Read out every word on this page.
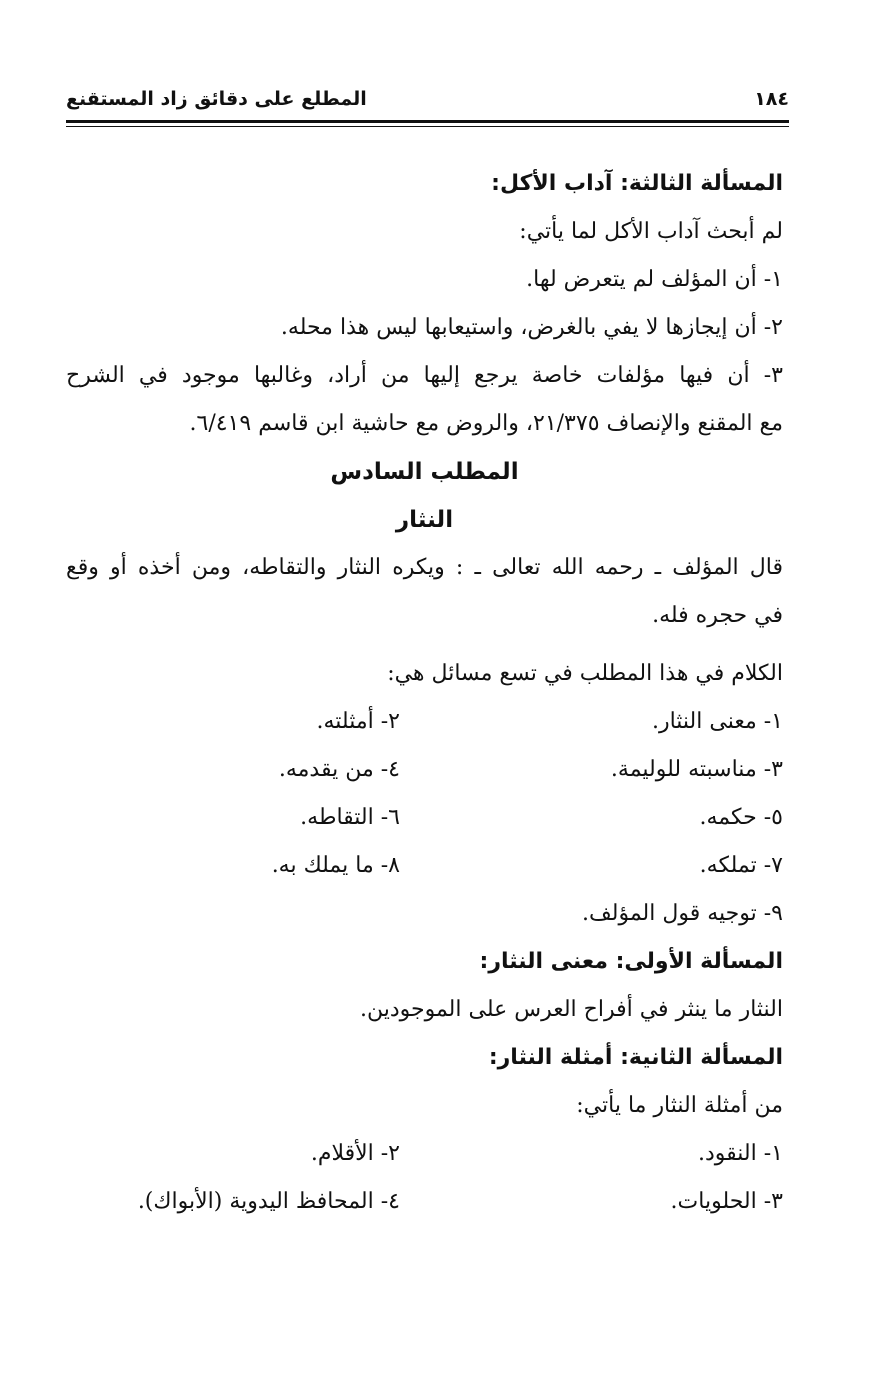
١٨٤
المطلع على دقائق زاد المستقنع
المسألة الثالثة: آداب الأكل:
لم أبحث آداب الأكل لما يأتي:
١- أن المؤلف لم يتعرض لها.
٢- أن إيجازها لا يفي بالغرض، واستيعابها ليس هذا محله.
٣- أن فيها مؤلفات خاصة يرجع إليها من أراد، وغالبها موجود في الشرح
مع المقنع والإنصاف ٢١/٣٧٥، والروض مع حاشية ابن قاسم ٦/٤١٩.
المطلب السادس
النثار
قال المؤلف ـ رحمه الله تعالى ـ : ويكره النثار والتقاطه، ومن أخذه أو وقع
في حجره فله.
الكلام في هذا المطلب في تسع مسائل هي:
١- معنى النثار.
٢- أمثلته.
٣- مناسبته للوليمة.
٤- من يقدمه.
٥- حكمه.
٦- التقاطه.
٧- تملكه.
٨- ما يملك به.
٩- توجيه قول المؤلف.
المسألة الأولى: معنى النثار:
النثار ما ينثر في أفراح العرس على الموجودين.
المسألة الثانية: أمثلة النثار:
من أمثلة النثار ما يأتي:
١- النقود.
٢- الأقلام.
٣- الحلويات.
٤- المحافظ اليدوية (الأبواك).
